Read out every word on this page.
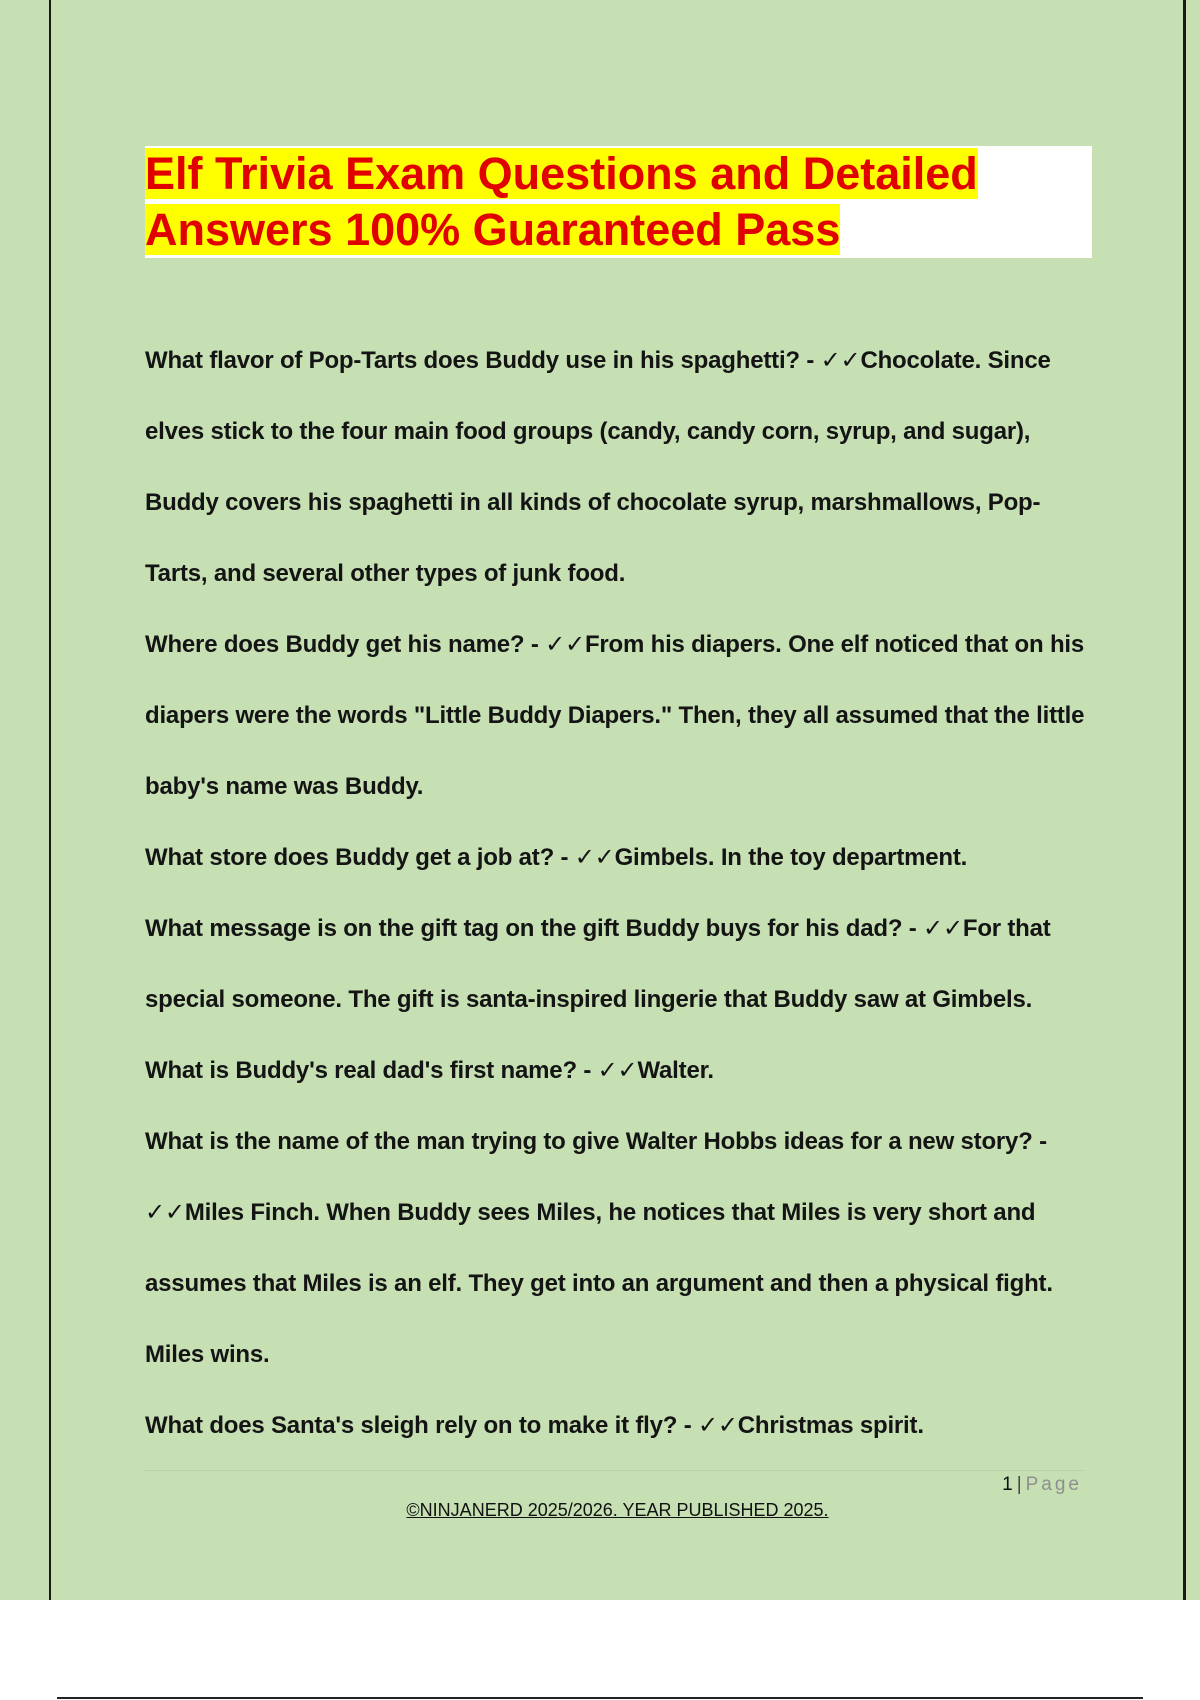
Elf Trivia Exam Questions and Detailed
Answers 100% Guaranteed Pass

What flavor of Pop-Tarts does Buddy use in his spaghetti? - ✓✓Chocolate. Since elves stick to the four main food groups (candy, candy corn, syrup, and sugar), Buddy covers his spaghetti in all kinds of chocolate syrup, marshmallows, Pop-Tarts, and several other types of junk food.

Where does Buddy get his name? - ✓✓From his diapers. One elf noticed that on his diapers were the words "Little Buddy Diapers." Then, they all assumed that the little baby's name was Buddy.

What store does Buddy get a job at? - ✓✓Gimbels. In the toy department.

What message is on the gift tag on the gift Buddy buys for his dad? - ✓✓For that special someone. The gift is santa-inspired lingerie that Buddy saw at Gimbels.

What is Buddy's real dad's first name? - ✓✓Walter.

What is the name of the man trying to give Walter Hobbs ideas for a new story? - ✓✓Miles Finch. When Buddy sees Miles, he notices that Miles is very short and assumes that Miles is an elf. They get into an argument and then a physical fight. Miles wins.

What does Santa's sleigh rely on to make it fly? - ✓✓Christmas spirit.

1 | Page
©NINJANERD 2025/2026. YEAR PUBLISHED 2025.
